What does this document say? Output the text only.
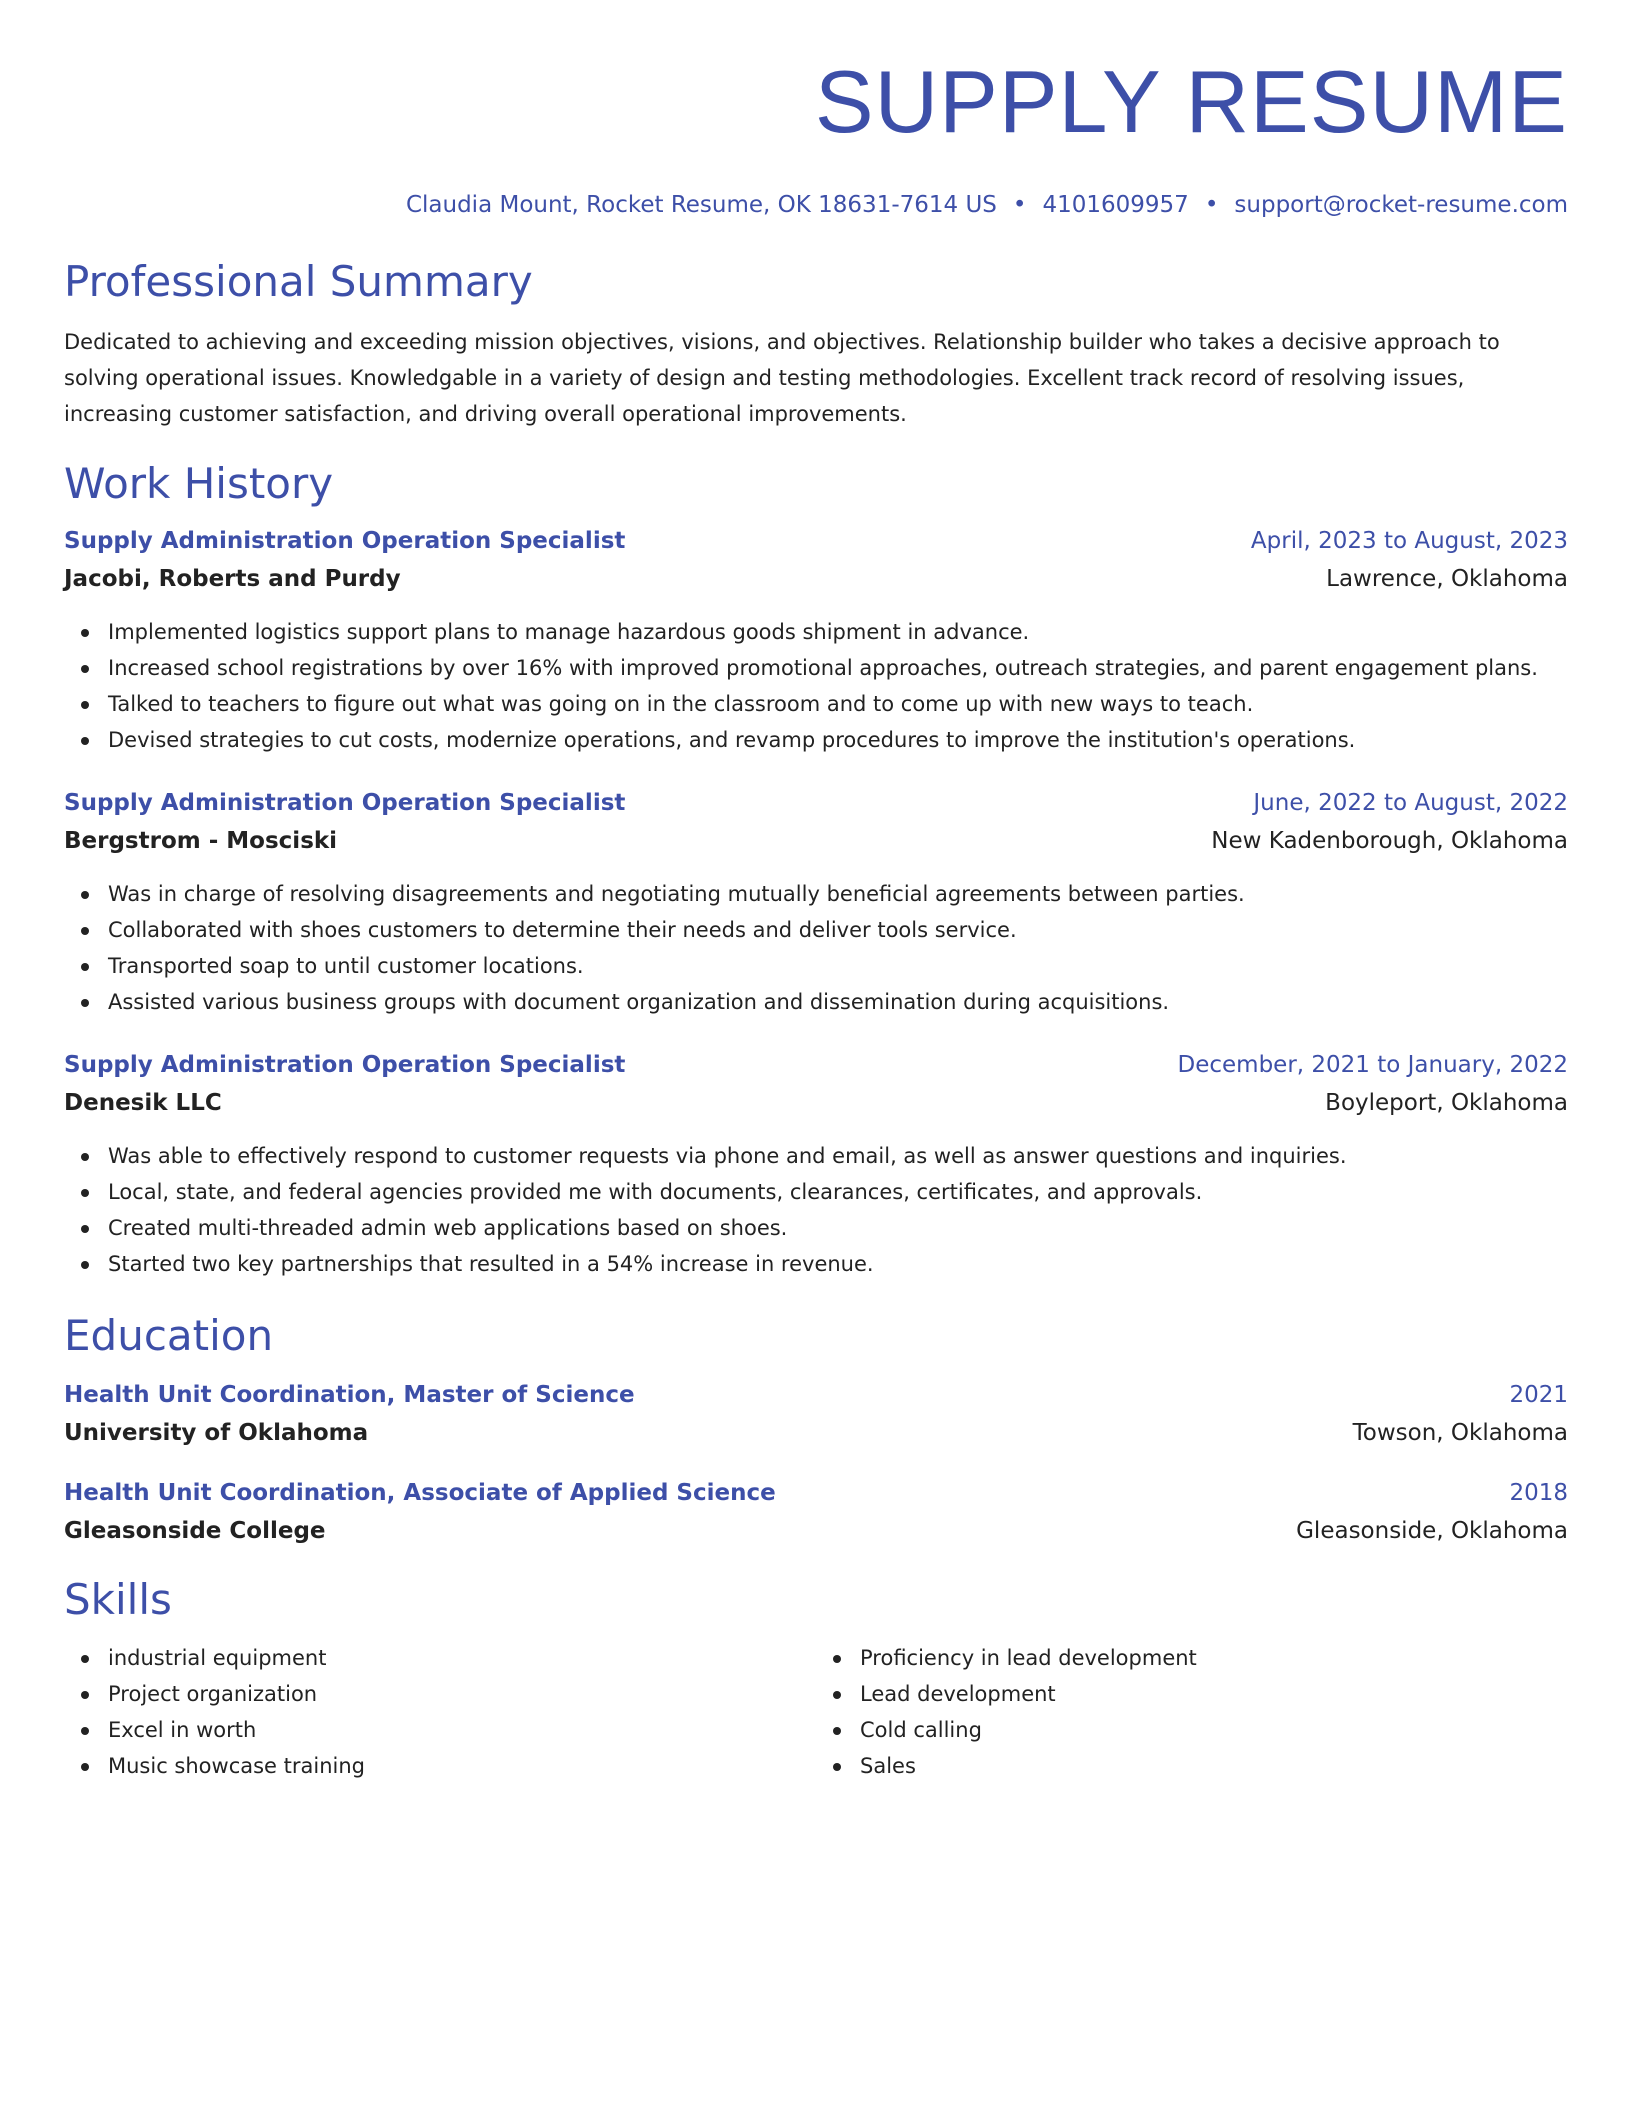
SUPPLY RESUME
Claudia Mount, Rocket Resume, OK 18631-7614 US • 4101609957 • support@rocket-resume.com
Professional Summary

Dedicated to achieving and exceeding mission objectives, visions, and objectives. Relationship builder who takes a decisive approach to solving operational issues. Knowledgable in a variety of design and testing methodologies. Excellent track record of resolving issues, increasing customer satisfaction, and driving overall operational improvements.

Work History
Supply Administration Operation Specialist	April, 2023 to August, 2023
Jacobi, Roberts and Purdy	Lawrence, Oklahoma
Implemented logistics support plans to manage hazardous goods shipment in advance.
Increased school registrations by over 16% with improved promotional approaches, outreach strategies, and parent engagement plans.
Talked to teachers to figure out what was going on in the classroom and to come up with new ways to teach.
Devised strategies to cut costs, modernize operations, and revamp procedures to improve the institution's operations.
Supply Administration Operation Specialist	June, 2022 to August, 2022
Bergstrom - Mosciski	New Kadenborough, Oklahoma
Was in charge of resolving disagreements and negotiating mutually beneficial agreements between parties.
Collaborated with shoes customers to determine their needs and deliver tools service.
Transported soap to until customer locations.
Assisted various business groups with document organization and dissemination during acquisitions.
Supply Administration Operation Specialist	December, 2021 to January, 2022
Denesik LLC	Boyleport, Oklahoma
Was able to effectively respond to customer requests via phone and email, as well as answer questions and inquiries.
Local, state, and federal agencies provided me with documents, clearances, certificates, and approvals.
Created multi-threaded admin web applications based on shoes.
Started two key partnerships that resulted in a 54% increase in revenue.
Education
Health Unit Coordination, Master of Science	2021
University of Oklahoma	Towson, Oklahoma
Health Unit Coordination, Associate of Applied Science	2018
Gleasonside College	Gleasonside, Oklahoma
Skills
industrial equipment
Project organization
Excel in worth
Music showcase training
Proficiency in lead development
Lead development
Cold calling
Sales
